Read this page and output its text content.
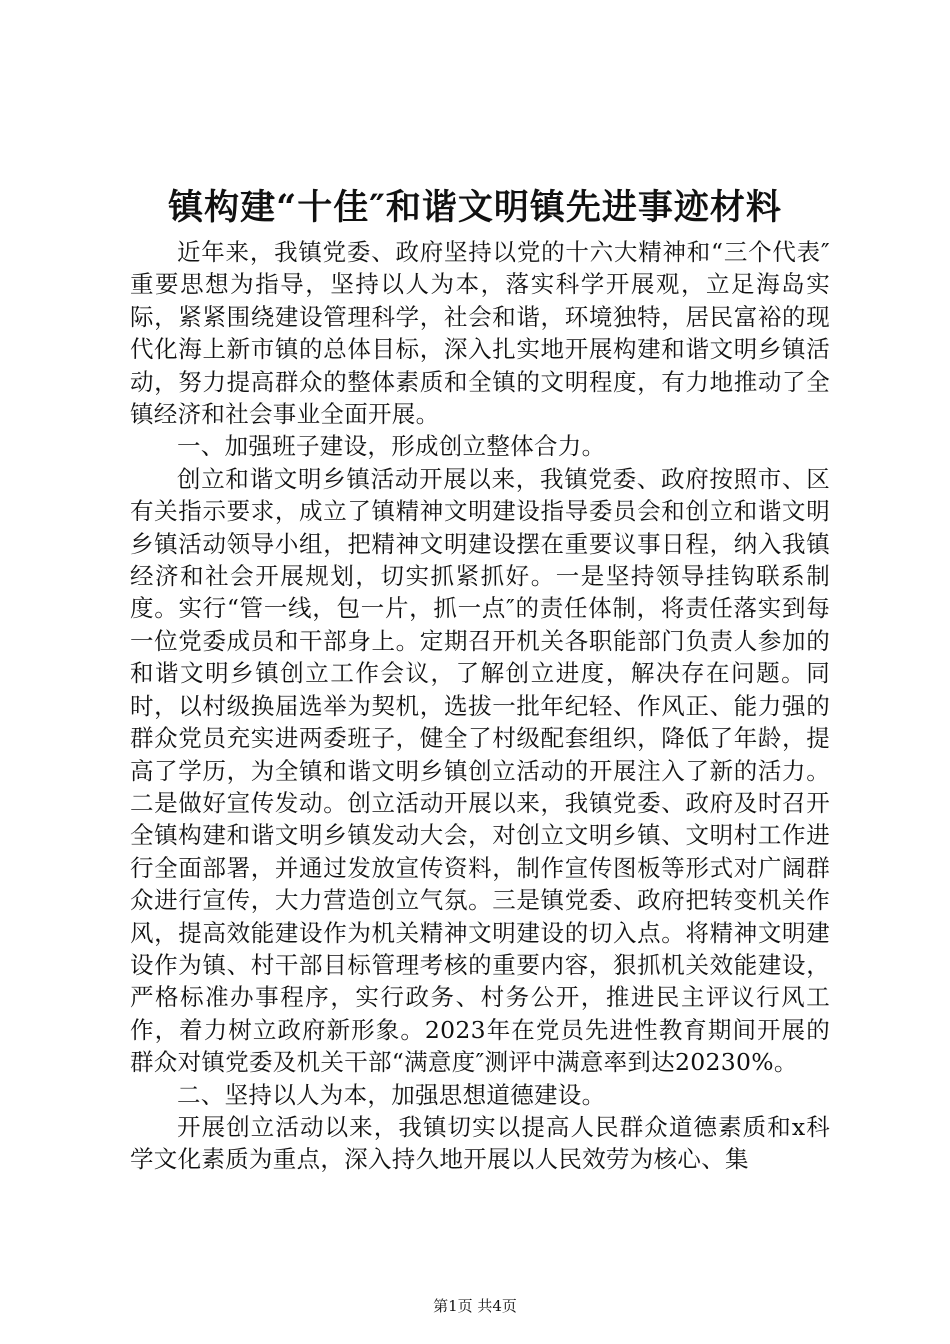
镇构建“十佳″和谐文明镇先进事迹材料

近年来，我镇党委、政府坚持以党的十六大精神和“三个代表″重要思想为指导，坚持以人为本，落实科学开展观，立足海岛实际，紧紧围绕建设管理科学，社会和谐，环境独特，居民富裕的现代化海上新市镇的总体目标，深入扎实地开展构建和谐文明乡镇活动，努力提高群众的整体素质和全镇的文明程度，有力地推动了全镇经济和社会事业全面开展。

一、加强班子建设，形成创立整体合力。

创立和谐文明乡镇活动开展以来，我镇党委、政府按照市、区有关指示要求，成立了镇精神文明建设指导委员会和创立和谐文明乡镇活动领导小组，把精神文明建设摆在重要议事日程，纳入我镇经济和社会开展规划，切实抓紧抓好。一是坚持领导挂钩联系制度。实行“管一线，包一片，抓一点″的责任体制，将责任落实到每一位党委成员和干部身上。定期召开机关各职能部门负责人参加的和谐文明乡镇创立工作会议，了解创立进度，解决存在问题。同时，以村级换届选举为契机，选拔一批年纪轻、作风正、能力强的群众党员充实进两委班子，健全了村级配套组织，降低了年龄，提高了学历，为全镇和谐文明乡镇创立活动的开展注入了新的活力。二是做好宣传发动。创立活动开展以来，我镇党委、政府及时召开全镇构建和谐文明乡镇发动大会，对创立文明乡镇、文明村工作进行全面部署，并通过发放宣传资料，制作宣传图板等形式对广阔群众进行宣传，大力营造创立气氛。三是镇党委、政府把转变机关作风，提高效能建设作为机关精神文明建设的切入点。将精神文明建设作为镇、村干部目标管理考核的重要内容，狠抓机关效能建设，严格标准办事程序，实行政务、村务公开，推进民主评议行风工作，着力树立政府新形象。2023年在党员先进性教育期间开展的群众对镇党委及机关干部“满意度″测评中满意率到达20230%。

二、坚持以人为本，加强思想道德建设。

开展创立活动以来，我镇切实以提高人民群众道德素质和x科学文化素质为重点，深入持久地开展以人民效劳为核心、集

第1页 共4页
